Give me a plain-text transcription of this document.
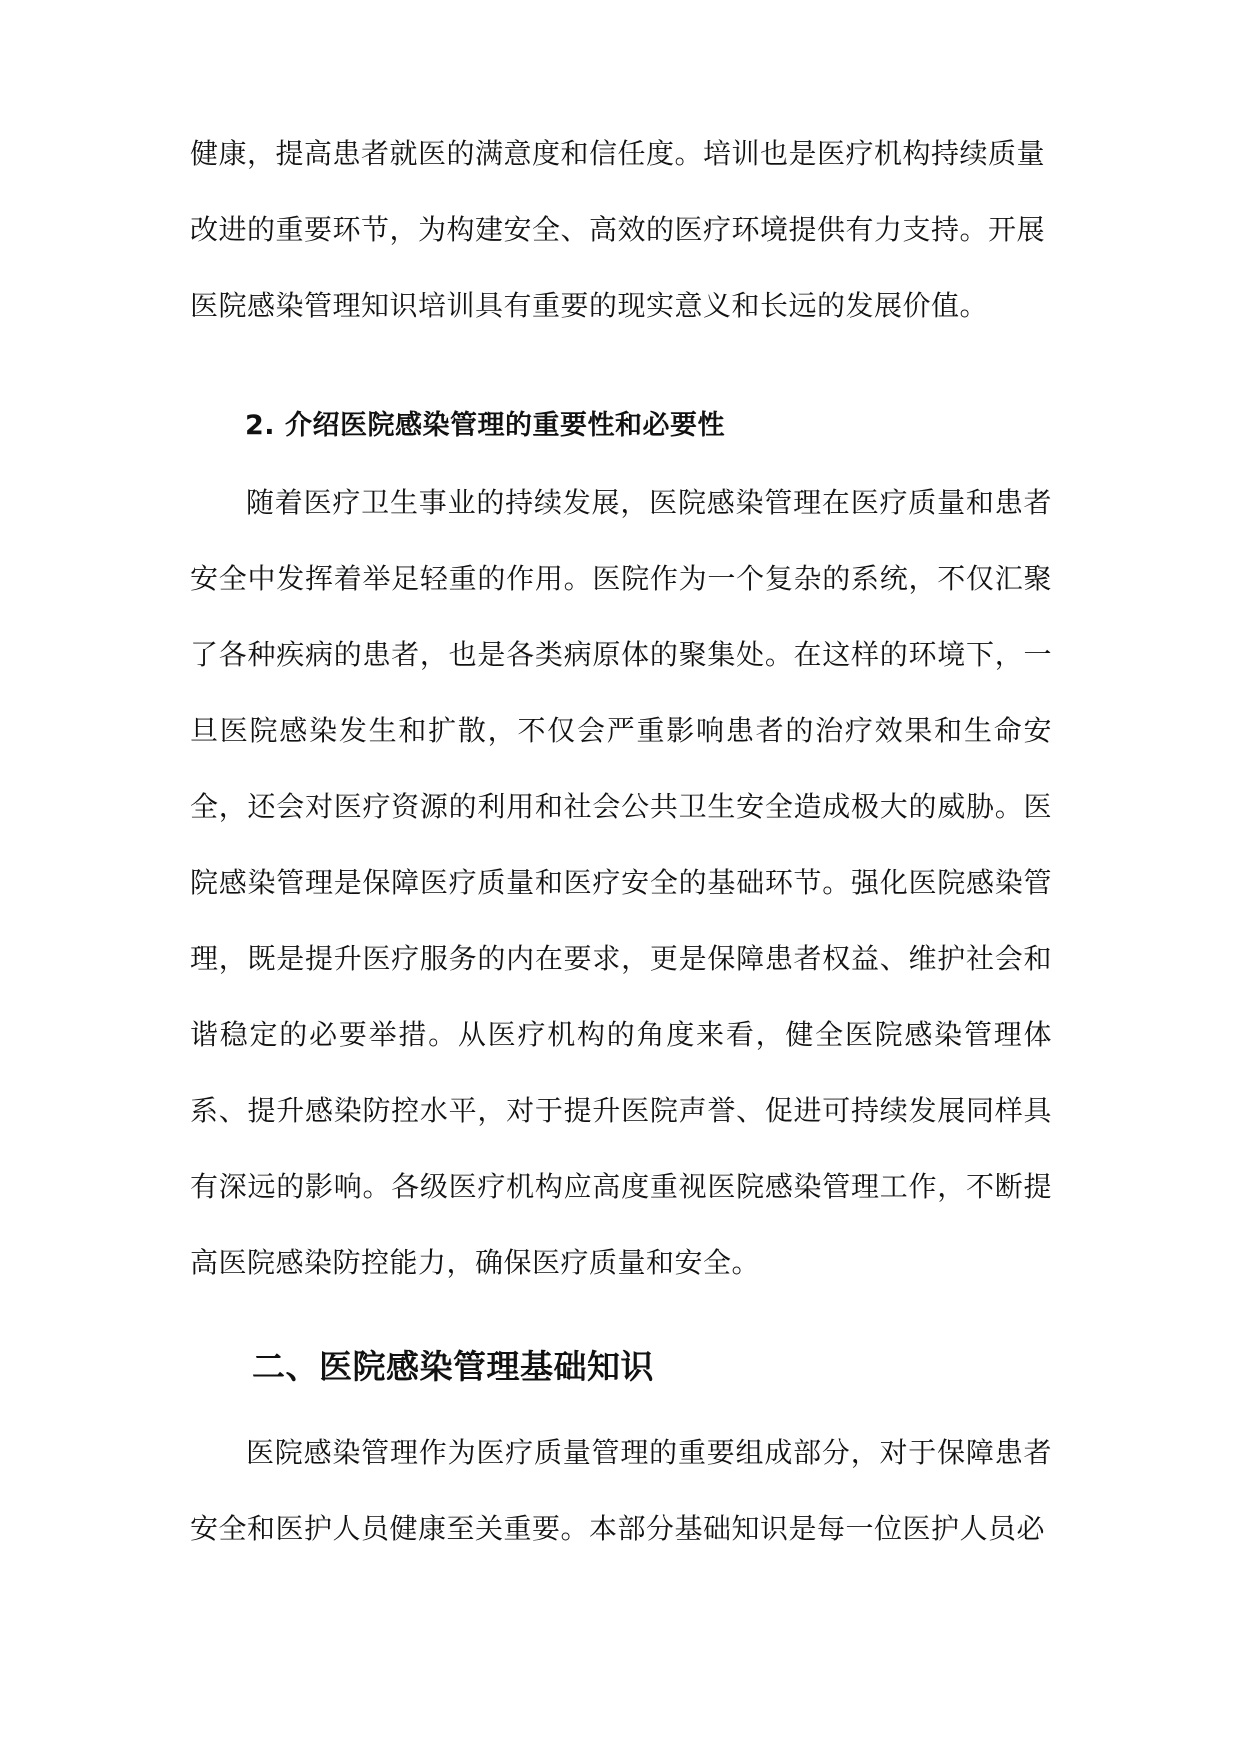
健康，提高患者就医的满意度和信任度。培训也是医疗机构持续质量

改进的重要环节，为构建安全、高效的医疗环境提供有力支持。开展

医院感染管理知识培训具有重要的现实意义和长远的发展价值。

2. 介绍医院感染管理的重要性和必要性

随着医疗卫生事业的持续发展，医院感染管理在医疗质量和患者安全中发挥着举足轻重的作用。医院作为一个复杂的系统，不仅汇聚了各种疾病的患者，也是各类病原体的聚集处。在这样的环境下，一旦医院感染发生和扩散，不仅会严重影响患者的治疗效果和生命安全，还会对医疗资源的利用和社会公共卫生安全造成极大的威胁。医院感染管理是保障医疗质量和医疗安全的基础环节。强化医院感染管理，既是提升医疗服务的内在要求，更是保障患者权益、维护社会和谐稳定的必要举措。从医疗机构的角度来看，健全医院感染管理体系、提升感染防控水平，对于提升医院声誉、促进可持续发展同样具有深远的影响。各级医疗机构应高度重视医院感染管理工作，不断提高医院感染防控能力，确保医疗质量和安全。

二、医院感染管理基础知识

医院感染管理作为医疗质量管理的重要组成部分，对于保障患者安全和医护人员健康至关重要。本部分基础知识是每一位医护人员必
